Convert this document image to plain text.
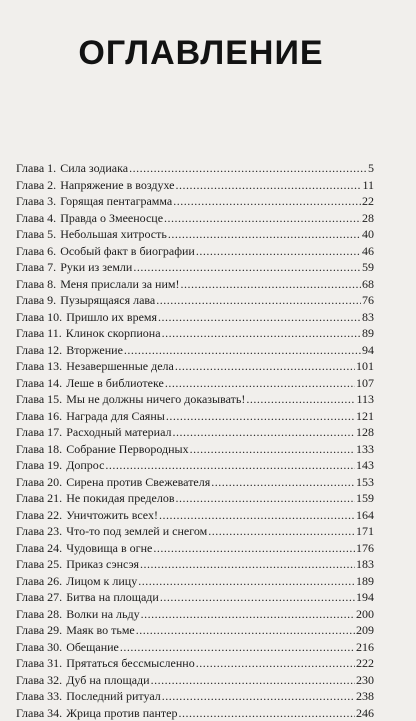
ОГЛАВЛЕНИЕ
Глава 1. Сила зодиака .....	5
Глава 2. Напряжение в воздухе .....	11
Глава 3. Горящая пентаграмма .....	22
Глава 4. Правда о Змееносце .....	28
Глава 5. Небольшая хитрость .....	40
Глава 6. Особый факт в биографии .....	46
Глава 7. Руки из земли .....	59
Глава 8. Меня прислали за ним! .....	68
Глава 9. Пузырящаяся лава .....	76
Глава 10. Пришло их время .....	83
Глава 11. Клинок скорпиона .....	89
Глава 12. Вторжение .....	94
Глава 13. Незавершенные дела .....	101
Глава 14. Леше в библиотеке .....	107
Глава 15. Мы не должны ничего доказывать! .....	113
Глава 16. Награда для Саяны .....	121
Глава 17. Расходный материал .....	128
Глава 18. Собрание Первородных .....	133
Глава 19. Допрос .....	143
Глава 20. Сирена против Свежевателя .....	153
Глава 21. Не покидая пределов .....	159
Глава 22. Уничтожить всех! .....	164
Глава 23. Что-то под землей и снегом .....	171
Глава 24. Чудовища в огне .....	176
Глава 25. Приказ сэнсэя .....	183
Глава 26. Лицом к лицу .....	189
Глава 27. Битва на площади .....	194
Глава 28. Волки на льду .....	200
Глава 29. Маяк во тьме .....	209
Глава 30. Обещание .....	216
Глава 31. Прятаться бессмысленно .....	222
Глава 32. Дуб на площади .....	230
Глава 33. Последний ритуал .....	238
Глава 34. Жрица против пантер .....	246
